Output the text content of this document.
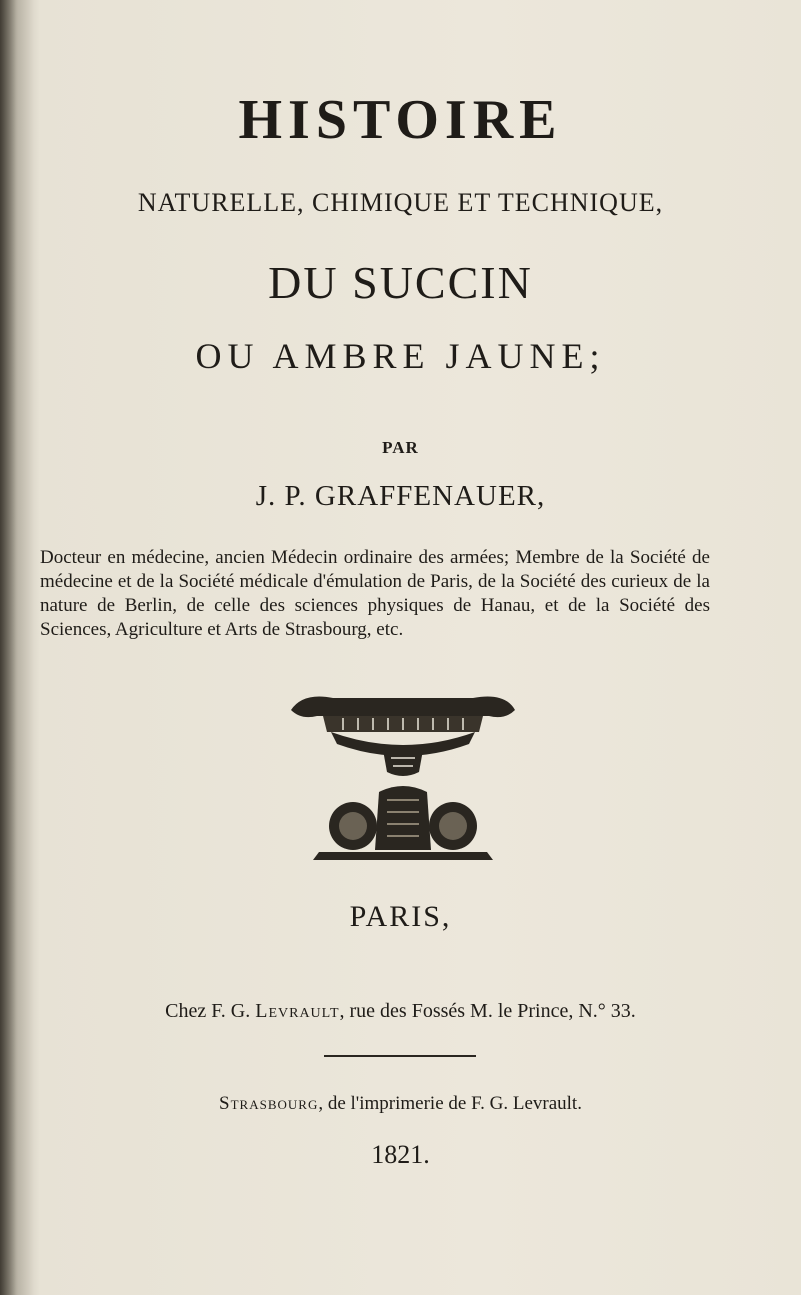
HISTOIRE
NATURELLE, CHIMIQUE ET TECHNIQUE,
DU SUCCIN
OU AMBRE JAUNE;
PAR
J. P. GRAFFENAUER,
Docteur en médecine, ancien Médecin ordinaire des armées; Membre de la Société de médecine et de la Société médicale d'émulation de Paris, de la Société des curieux de la nature de Berlin, de celle des sciences physiques de Hanau, et de la Société des Sciences, Agriculture et Arts de Strasbourg, etc.
PARIS,
Chez F. G. Levrault, rue des Fossés M. le Prince, N.° 33.
Strasbourg, de l'imprimerie de F. G. Levrault.
1821.
